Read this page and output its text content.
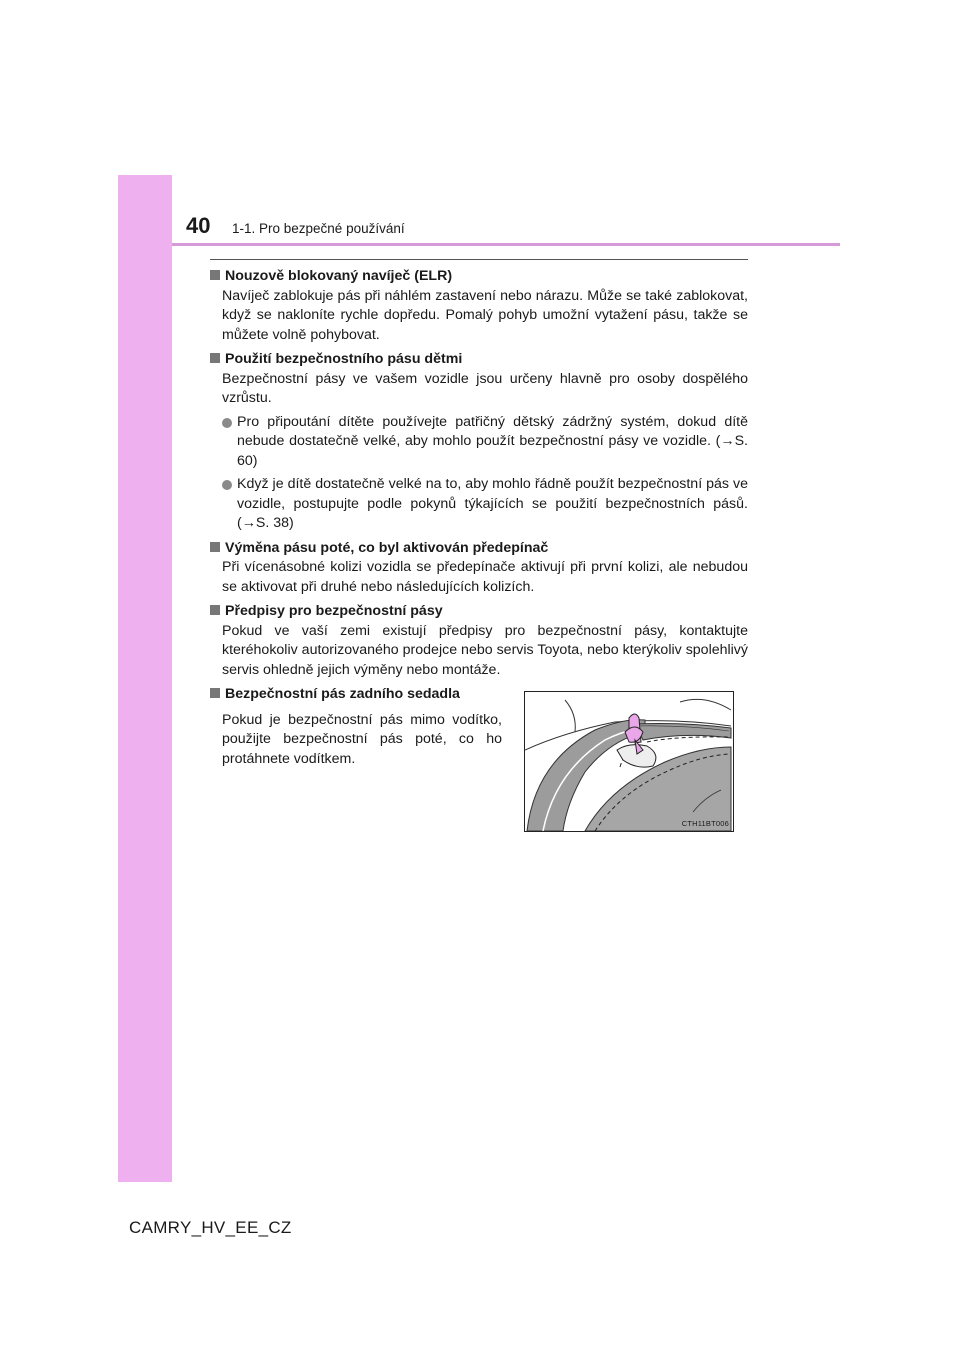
40 1-1. Pro bezpečné používání
Nouzově blokovaný navíječ (ELR)
Navíječ zablokuje pás při náhlém zastavení nebo nárazu. Může se také zablokovat, když se nakloníte rychle dopředu. Pomalý pohyb umožní vytažení pásu, takže se můžete volně pohybovat.
Použití bezpečnostního pásu dětmi
Bezpečnostní pásy ve vašem vozidle jsou určeny hlavně pro osoby dospělého vzrůstu.
Pro připoutání dítěte používejte patřičný dětský zádržný systém, dokud dítě nebude dostatečně velké, aby mohlo použít bezpečnostní pásy ve vozidle. (→S. 60)
Když je dítě dostatečně velké na to, aby mohlo řádně použít bezpečnostní pás ve vozidle, postupujte podle pokynů týkajících se použití bezpečnostních pásů. (→S. 38)
Výměna pásu poté, co byl aktivován předepínač
Při vícenásobné kolizi vozidla se předepínače aktivují při první kolizi, ale nebudou se aktivovat při druhé nebo následujících kolizích.
Předpisy pro bezpečnostní pásy
Pokud ve vaší zemi existují předpisy pro bezpečnostní pásy, kontaktujte kteréhokoliv autorizovaného prodejce nebo servis Toyota, nebo kterýkoliv spolehlivý servis ohledně jejich výměny nebo montáže.
Bezpečnostní pás zadního sedadla
Pokud je bezpečnostní pás mimo vodítko, použijte bezpečnostní pás poté, co ho protáhnete vodítkem.
CTH11BT006
CAMRY_HV_EE_CZ
